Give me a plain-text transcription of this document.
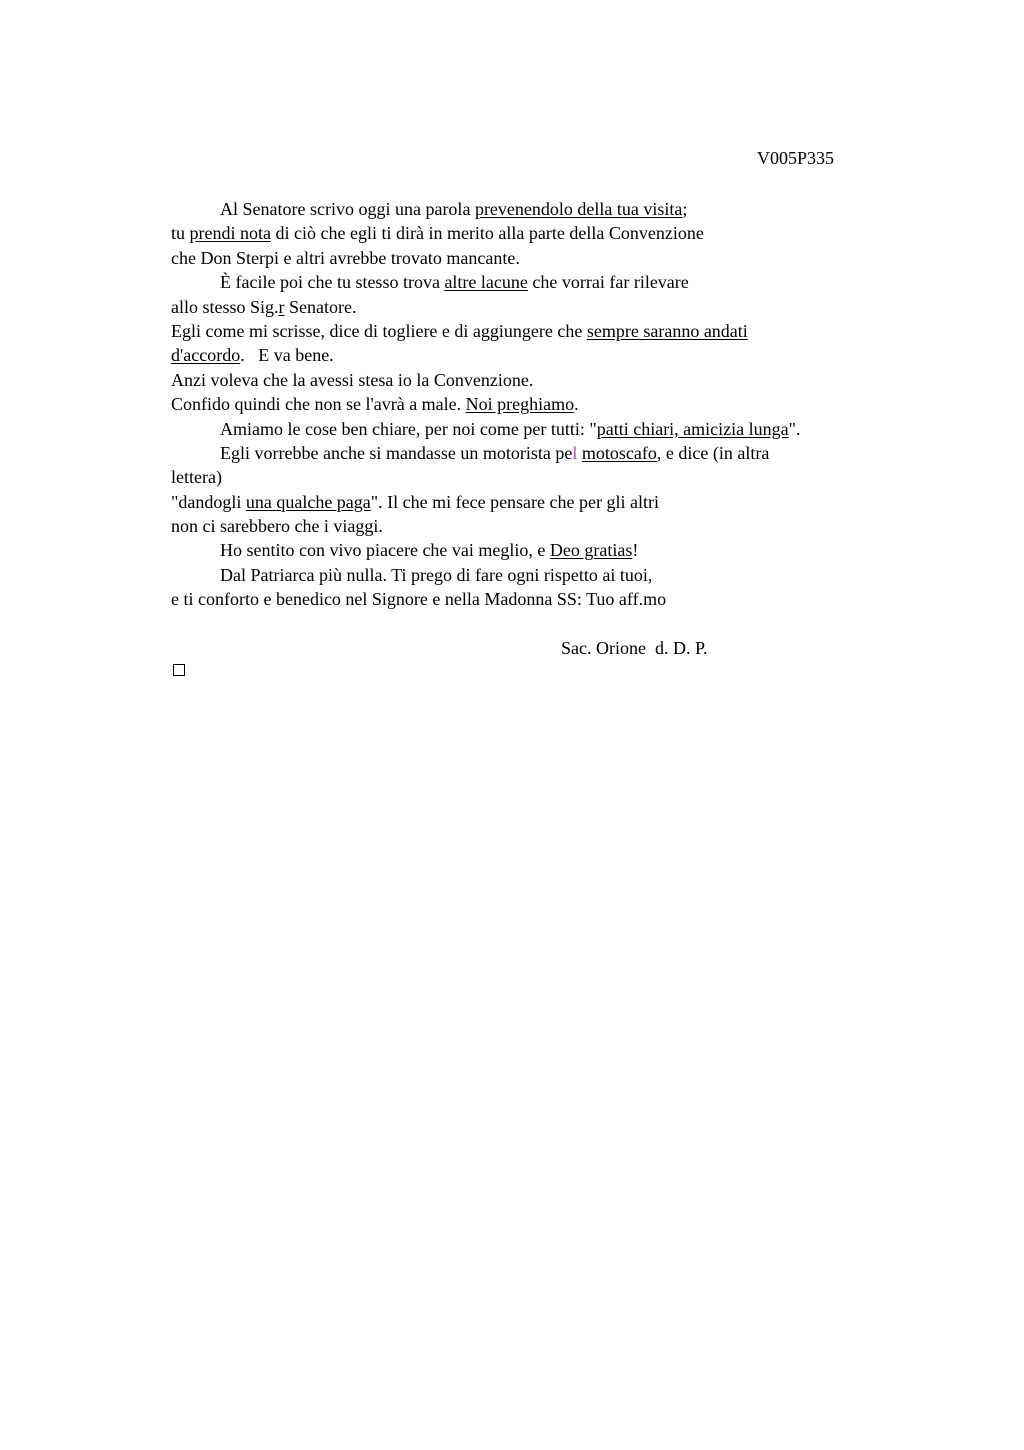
V005P335
Al Senatore scrivo oggi una parola prevenendolo della tua visita;
tu prendi nota di ciò che egli ti dirà in merito alla parte della Convenzione
che Don Sterpi e altri avrebbe trovato mancante.
È facile poi che tu stesso trova altre lacune che vorrai far rilevare
allo stesso Sig.r Senatore.
Egli come mi scrisse, dice di togliere e di aggiungere che sempre saranno andati
d'accordo.   E va bene.
Anzi voleva che la avessi stesa io la Convenzione.
Confido quindi che non se l'avrà a male. Noi preghiamo.
Amiamo le cose ben chiare, per noi come per tutti: "patti chiari, amicizia lunga".
Egli vorrebbe anche si mandasse un motorista pel motoscafo, e dice (in altra
lettera)
"dandogli una qualche paga". Il che mi fece pensare che per gli altri
non ci sarebbero che i viaggi.
Ho sentito con vivo piacere che vai meglio, e Deo gratias!
Dal Patriarca più nulla. Ti prego di fare ogni rispetto ai tuoi,
e ti conforto e benedico nel Signore e nella Madonna SS: Tuo aff.mo
Sac. Orione  d. D. P.
